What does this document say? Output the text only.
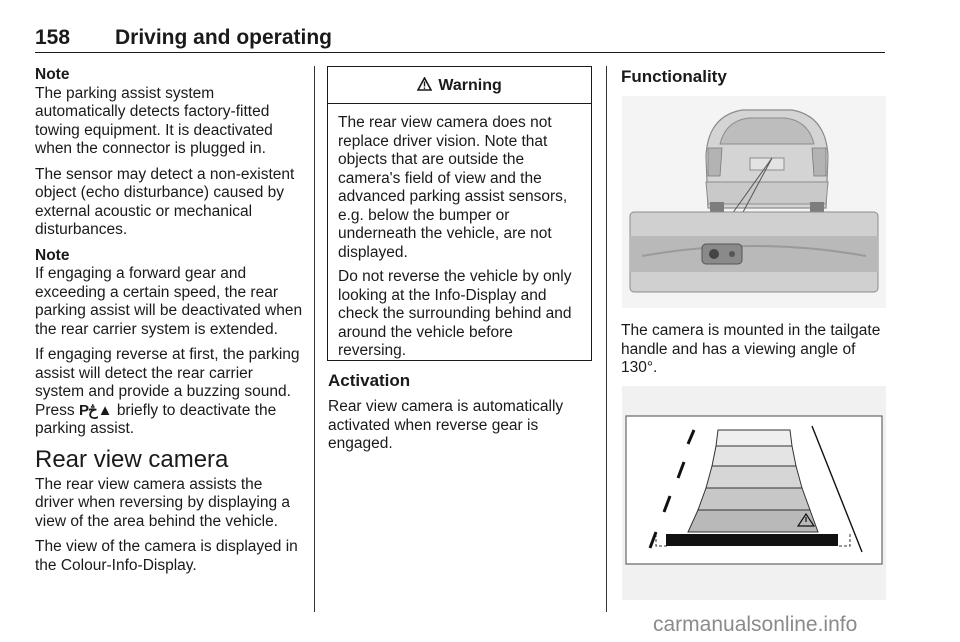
158 Driving and operating

Note
The parking assist system automatically detects factory-fitted towing equipment. It is deactivated when the connector is plugged in.

The sensor may detect a non-existent object (echo disturbance) caused by external acoustic or mechanical disturbances.

Note
If engaging a forward gear and exceeding a certain speed, the rear parking assist will be deactivated when the rear carrier system is extended.

If engaging reverse at first, the parking assist will detect the rear carrier system and provide a buzzing sound. Press Pڅ▲ briefly to deactivate the parking assist.

Rear view camera

The rear view camera assists the driver when reversing by displaying a view of the area behind the vehicle.

The view of the camera is displayed in the Colour-Info-Display.

Warning

The rear view camera does not replace driver vision. Note that objects that are outside the camera's field of view and the advanced parking assist sensors, e.g. below the bumper or underneath the vehicle, are not displayed.

Do not reverse the vehicle by only looking at the Info-Display and check the surrounding behind and around the vehicle before reversing.

Activation

Rear view camera is automatically activated when reverse gear is engaged.

Functionality

The camera is mounted in the tailgate handle and has a viewing angle of 130°.

carmanualsonline.info
